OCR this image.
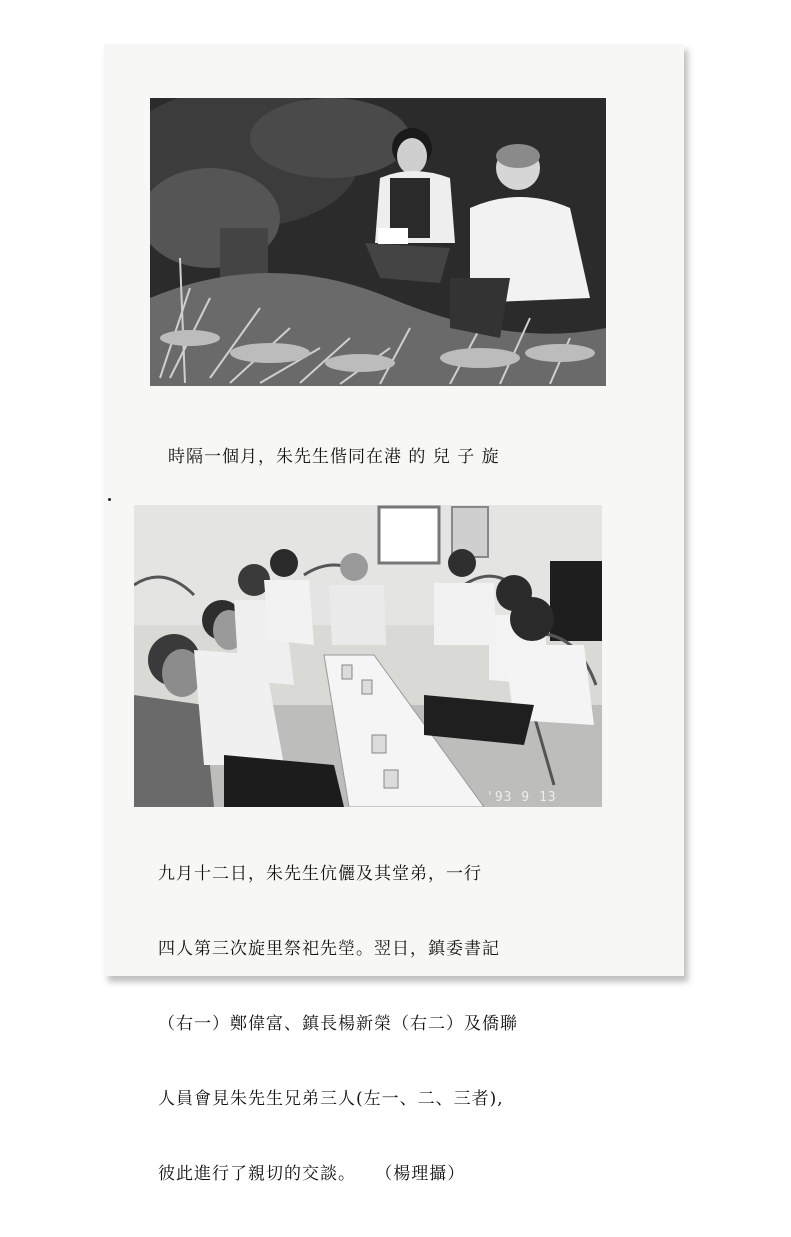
時隔一個月，朱先生偕同在港 的 兒 子 旋

'93 9 13

九月十二日，朱先生伉儷及其堂弟，一行

四人第三次旋里祭祀先塋。翌日，鎮委書記

（右一）鄭偉富、鎮長楊新榮（右二）及僑聯

人員會見朱先生兄弟三人(左一、二、三者),

彼此進行了親切的交談。   （楊理攝）
